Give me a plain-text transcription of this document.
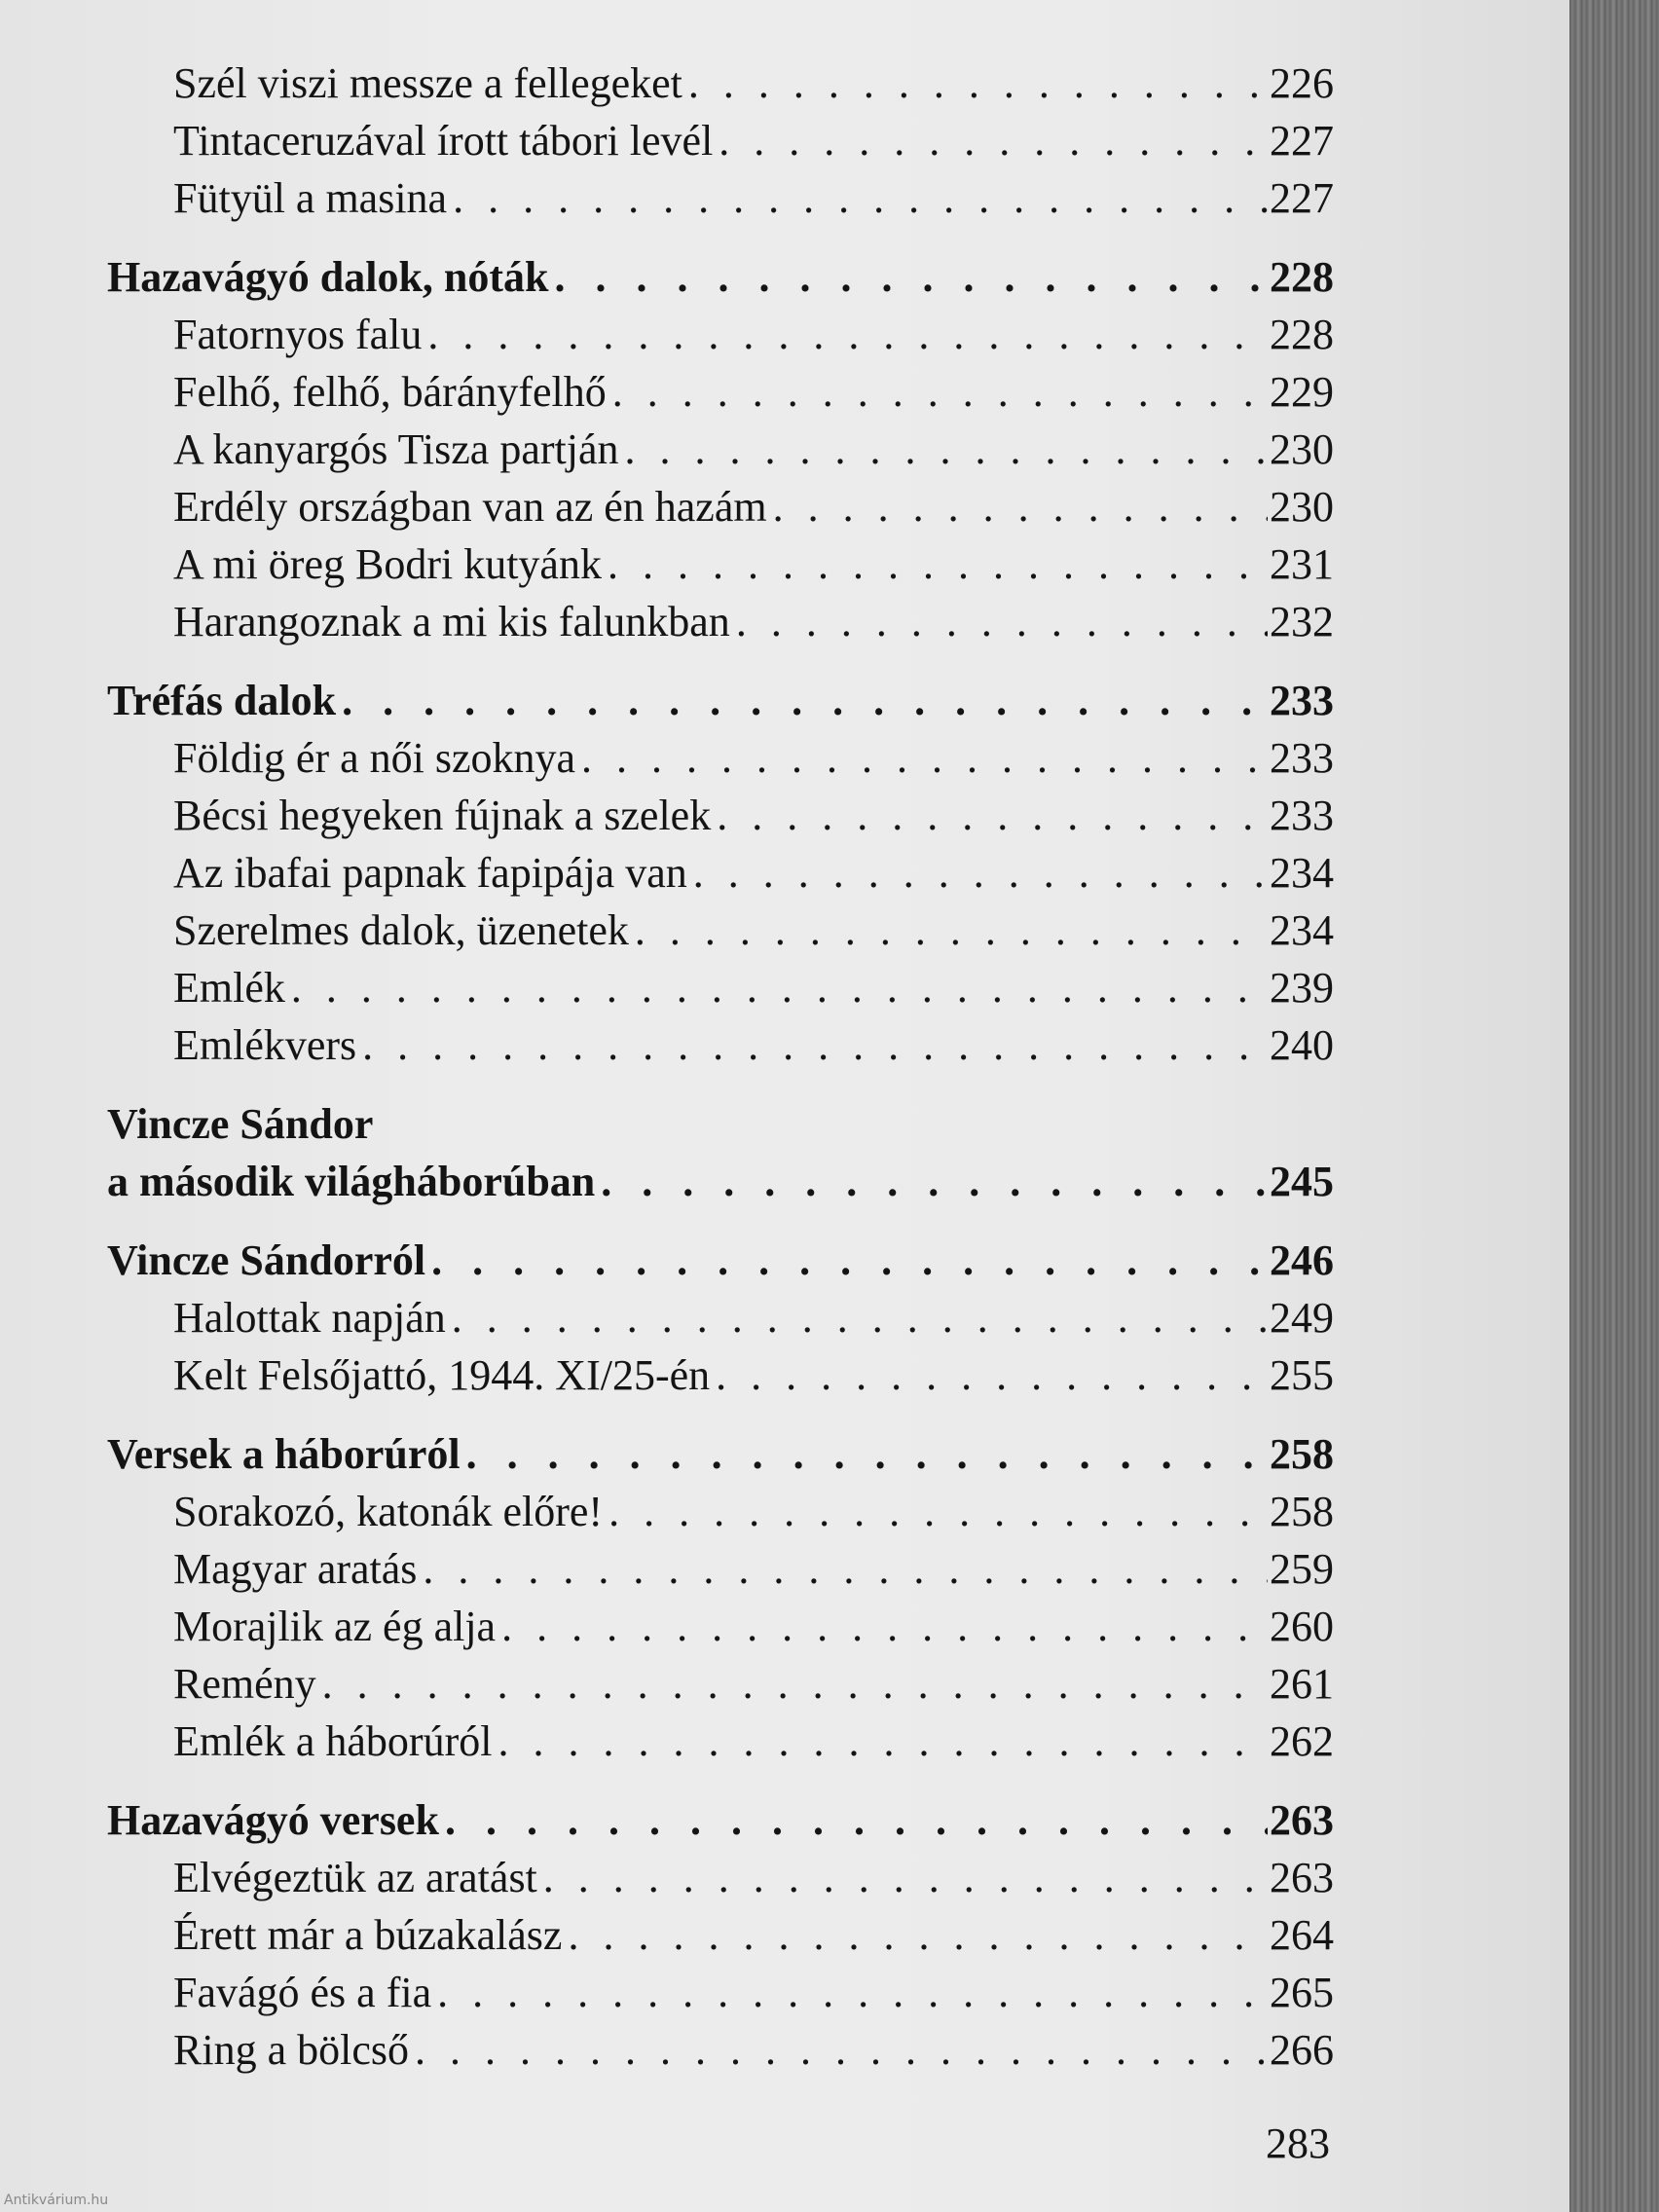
Szél viszi messze a fellegeket . . .	226
Tintaceruzával írott tábori levél . . .	227
Fütyül a masina . . .	227
Hazavágyó dalok, nóták . . .	228
Fatornyos falu . . .	228
Felhő, felhő, bárányfelhő . . .	229
A kanyargós Tisza partján . . .	230
Erdély országban van az én hazám . . .	230
A mi öreg Bodri kutyánk . . .	231
Harangoznak a mi kis falunkban . . .	232
Tréfás dalok . . .	233
Földig ér a női szoknya . . .	233
Bécsi hegyeken fújnak a szelek . . .	233
Az ibafai papnak fapipája van . . .	234
Szerelmes dalok, üzenetek . . .	234
Emlék . . .	239
Emlékvers . . .	240
Vincze Sándor
a második világháborúban . . .	245
Vincze Sándorról . . .	246
Halottak napján . . .	249
Kelt Felsőjattó, 1944. XI/25-én . . .	255
Versek a háborúról . . .	258
Sorakozó, katonák előre! . . .	258
Magyar aratás . . .	259
Morajlik az ég alja . . .	260
Remény . . .	261
Emlék a háborúról . . .	262
Hazavágyó versek . . .	263
Elvégeztük az aratást . . .	263
Érett már a búzakalász . . .	264
Favágó és a fia . . .	265
Ring a bölcső . . .	266
283
Antikvárium.hu
